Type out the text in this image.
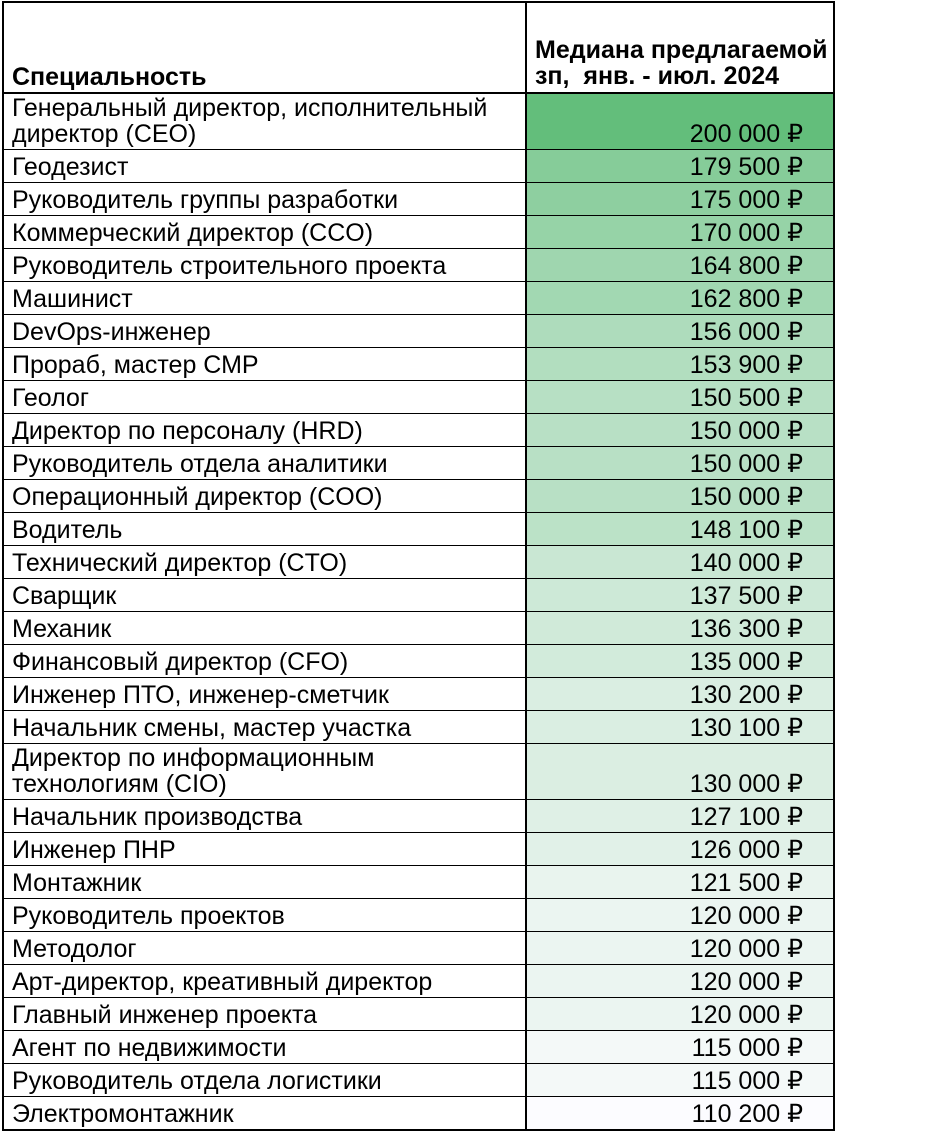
Специальность	Медиана предлагаемой
зп,  янв. - июл. 2024

Генеральный директор, исполнительный директор (CEO)	200 000 ₽
Геодезист	179 500 ₽
Руководитель группы разработки	175 000 ₽
Коммерческий директор (CCO)	170 000 ₽
Руководитель строительного проекта	164 800 ₽
Машинист	162 800 ₽
DevOps-инженер	156 000 ₽
Прораб, мастер СМР	153 900 ₽
Геолог	150 500 ₽
Директор по персоналу (HRD)	150 000 ₽
Руководитель отдела аналитики	150 000 ₽
Операционный директор (COO)	150 000 ₽
Водитель	148 100 ₽
Технический директор (CTO)	140 000 ₽
Сварщик	137 500 ₽
Механик	136 300 ₽
Финансовый директор (CFO)	135 000 ₽
Инженер ПТО, инженер-сметчик	130 200 ₽
Начальник смены, мастер участка	130 100 ₽
Директор по информационным технологиям (CIO)	130 000 ₽
Начальник производства	127 100 ₽
Инженер ПНР	126 000 ₽
Монтажник	121 500 ₽
Руководитель проектов	120 000 ₽
Методолог	120 000 ₽
Арт-директор, креативный директор	120 000 ₽
Главный инженер проекта	120 000 ₽
Агент по недвижимости	115 000 ₽
Руководитель отдела логистики	115 000 ₽
Электромонтажник	110 200 ₽
